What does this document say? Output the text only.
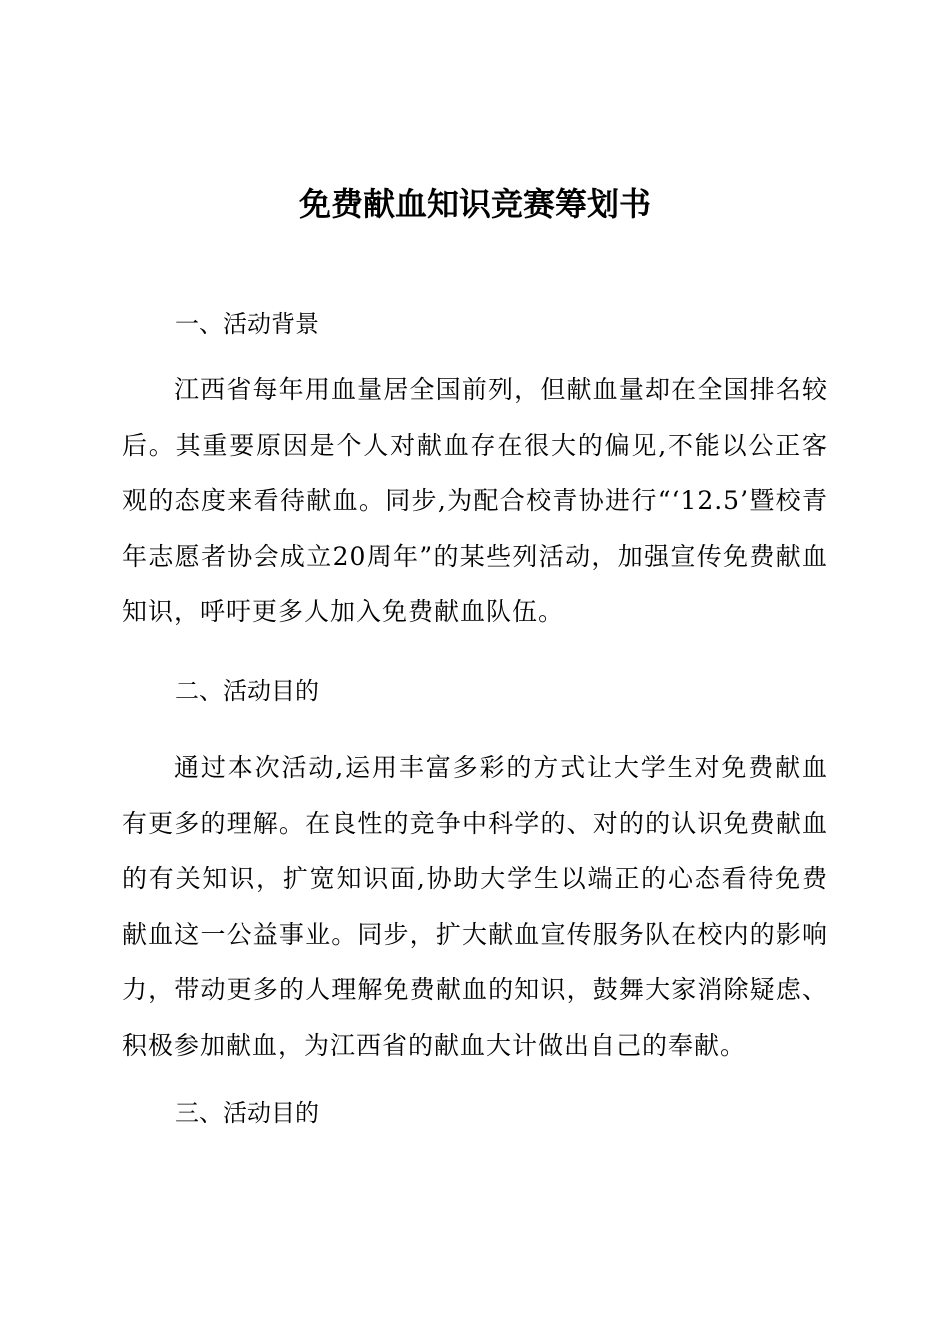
免费献血知识竞赛筹划书
一、活动背景

江西省每年用血量居全国前列，但献血量却在全国排名较后。其重要原因是个人对献血存在很大的偏见,不能以公正客观的态度来看待献血。同步,为配合校青协进行“‘12.5’暨校青年志愿者协会成立20周年”的某些列活动，加强宣传免费献血知识，呼吁更多人加入免费献血队伍。

二、活动目的

通过本次活动,运用丰富多彩的方式让大学生对免费献血有更多的理解。在良性的竞争中科学的、对的的认识免费献血的有关知识，扩宽知识面,协助大学生以端正的心态看待免费献血这一公益事业。同步，扩大献血宣传服务队在校内的影响力，带动更多的人理解免费献血的知识，鼓舞大家消除疑虑、积极参加献血，为江西省的献血大计做出自己的奉献。

三、活动目的
